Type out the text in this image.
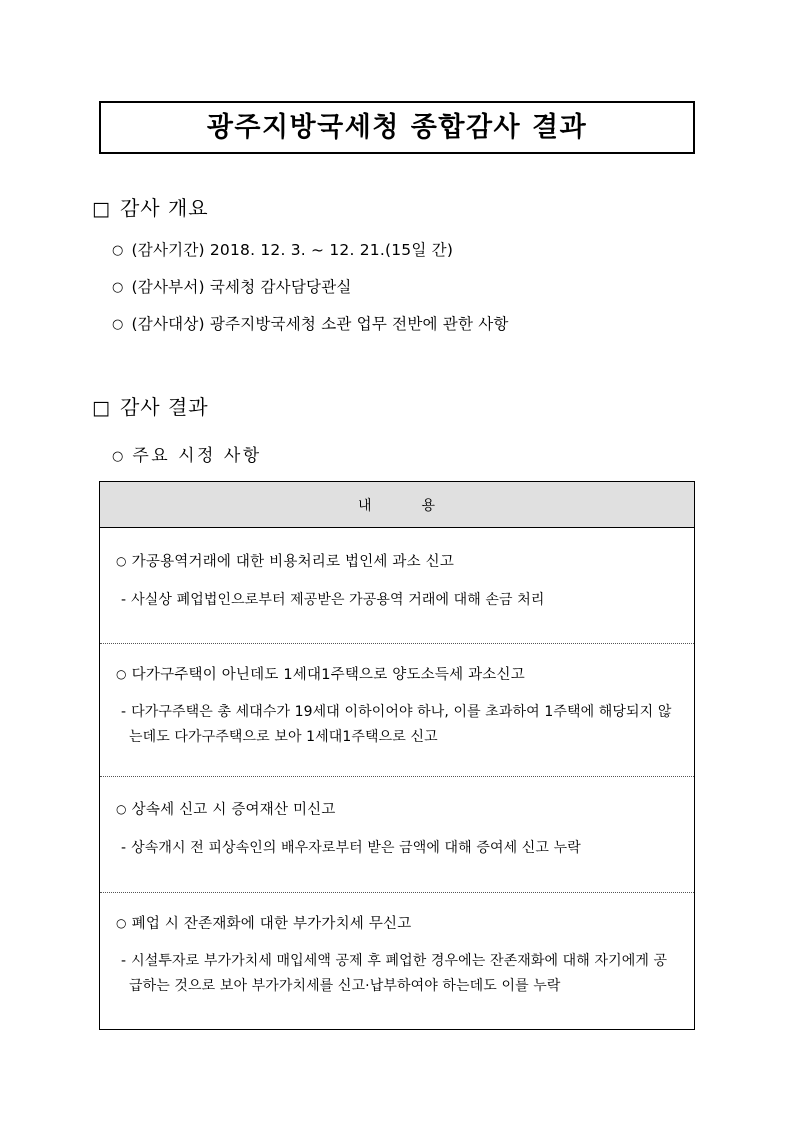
광주지방국세청 종합감사 결과
□ 감사 개요
○ (감사기간) 2018. 12. 3. ~ 12. 21.(15일 간)
○ (감사부서) 국세청 감사담당관실
○ (감사대상) 광주지방국세청 소관 업무 전반에 관한 사항
□ 감사 결과
○ 주요 시정 사항
내         용
○ 가공용역거래에 대한 비용처리로 법인세 과소 신고
- 사실상 폐업법인으로부터 제공받은 가공용역 거래에 대해 손금 처리
○ 다가구주택이 아닌데도 1세대1주택으로 양도소득세 과소신고
- 다가구주택은 총 세대수가 19세대 이하이어야 하나, 이를 초과하여 1주택에 해당되지 않는데도 다가구주택으로 보아 1세대1주택으로 신고
○ 상속세 신고 시 증여재산 미신고
- 상속개시 전 피상속인의 배우자로부터 받은 금액에 대해 증여세 신고 누락
○ 폐업 시 잔존재화에 대한 부가가치세 무신고
- 시설투자로 부가가치세 매입세액 공제 후 폐업한 경우에는 잔존재화에 대해 자기에게 공급하는 것으로 보아 부가가치세를 신고·납부하여야 하는데도 이를 누락
